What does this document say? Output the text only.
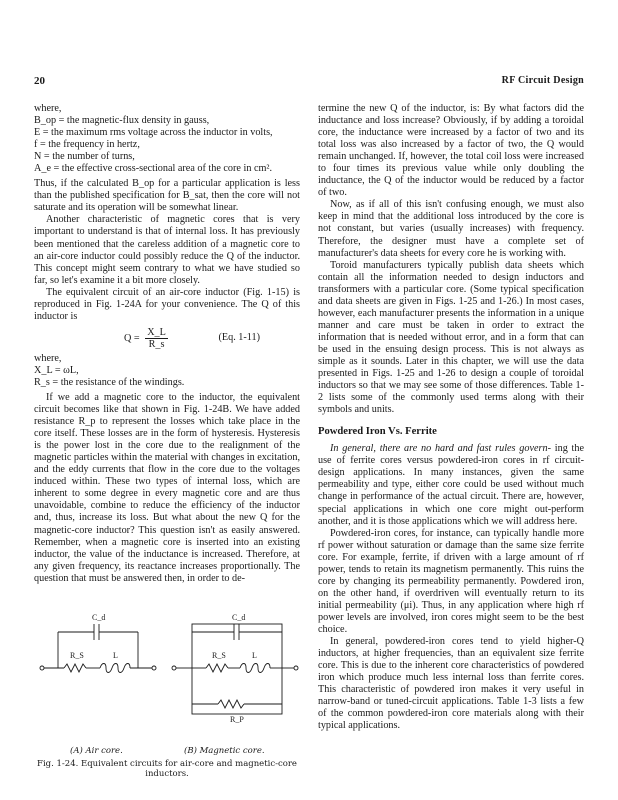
20	RF Circuit Design

where,

B_op = the magnetic-flux density in gauss,

E = the maximum rms voltage across the inductor in volts,

f = the frequency in hertz,

N = the number of turns,

A_e = the effective cross-sectional area of the core in cm².

Thus, if the calculated B_op for a particular application is less than the published specification for B_sat, then the core will not saturate and its operation will be somewhat linear.

Another characteristic of magnetic cores that is very important to understand is that of internal loss. It has previously been mentioned that the careless addition of a magnetic core to an air-core inductor could possibly reduce the Q of the inductor. This concept might seem contrary to what we have studied so far, so let's examine it a bit more closely.

The equivalent circuit of an air-core inductor (Fig. 1-15) is reproduced in Fig. 1-24A for your convenience. The Q of this inductor is

$Q = \frac{X\_L}{R\_s}$	(Eq. 1-11)

where,

X_L = ωL,

R_s = the resistance of the windings.

If we add a magnetic core to the inductor, the equivalent circuit becomes like that shown in Fig. 1-24B. We have added resistance R_p to represent the losses which take place in the core itself. These losses are in the form of hysteresis. Hysteresis is the power lost in the core due to the realignment of the magnetic particles within the material with changes in excitation, and the eddy currents that flow in the core due to the voltages induced within. These two types of internal loss, which are inherent to some degree in every magnetic core and are thus unavoidable, combine to reduce the efficiency of the inductor and, thus, increase its loss. But what about the new Q for the magnetic-core inductor? This question isn't as easily answered. Remember, when a magnetic core is inserted into an existing inductor, the value of the inductance is increased. Therefore, at any given frequency, its reactance increases proportionally. The question that must be answered then, in order to de-

C_d
R_S	L
C_d
R_S	L
R_P
(A) Air core.	(B) Magnetic core.
Fig. 1-24. Equivalent circuits for air-core and magnetic-core inductors.

termine the new Q of the inductor, is: By what factors did the inductance and loss increase? Obviously, if by adding a toroidal core, the inductance were increased by a factor of two and its total loss was also increased by a factor of two, the Q would remain unchanged. If, however, the total coil loss were increased to four times its previous value while only doubling the inductance, the Q of the inductor would be reduced by a factor of two.

Now, as if all of this isn't confusing enough, we must also keep in mind that the additional loss introduced by the core is not constant, but varies (usually increases) with frequency. Therefore, the designer must have a complete set of manufacturer's data sheets for every core he is working with.

Toroid manufacturers typically publish data sheets which contain all the information needed to design inductors and transformers with a particular core. (Some typical specification and data sheets are given in Figs. 1-25 and 1-26.) In most cases, however, each manufacturer presents the information in a unique manner and care must be taken in order to extract the information that is needed without error, and in a form that can be used in the ensuing design process. This is not always as simple as it sounds. Later in this chapter, we will use the data presented in Figs. 1-25 and 1-26 to design a couple of toroidal inductors so that we may see some of those differences. Table 1-2 lists some of the commonly used terms along with their symbols and units.

Powdered Iron Vs. Ferrite

In general, there are no hard and fast rules govern- ing the use of ferrite cores versus powdered-iron cores in rf circuit-design applications. In many instances, given the same permeability and type, either core could be used without much change in performance of the actual circuit. There are, however, special applications in which one core might out-perform another, and it is those applications which we will address here.

Powdered-iron cores, for instance, can typically handle more rf power without saturation or damage than the same size ferrite core. For example, ferrite, if driven with a large amount of rf power, tends to retain its magnetism permanently. This ruins the core by changing its permeability permanently. Powdered iron, on the other hand, if overdriven will eventually return to its initial permeability (μi). Thus, in any application where high rf power levels are involved, iron cores might seem to be the best choice.

In general, powdered-iron cores tend to yield higher-Q inductors, at higher frequencies, than an equivalent size ferrite core. This is due to the inherent core characteristics of powdered iron which produce much less internal loss than ferrite cores. This characteristic of powdered iron makes it very useful in narrow-band or tuned-circuit applications. Table 1-3 lists a few of the common powdered-iron core materials along with their typical applications.
